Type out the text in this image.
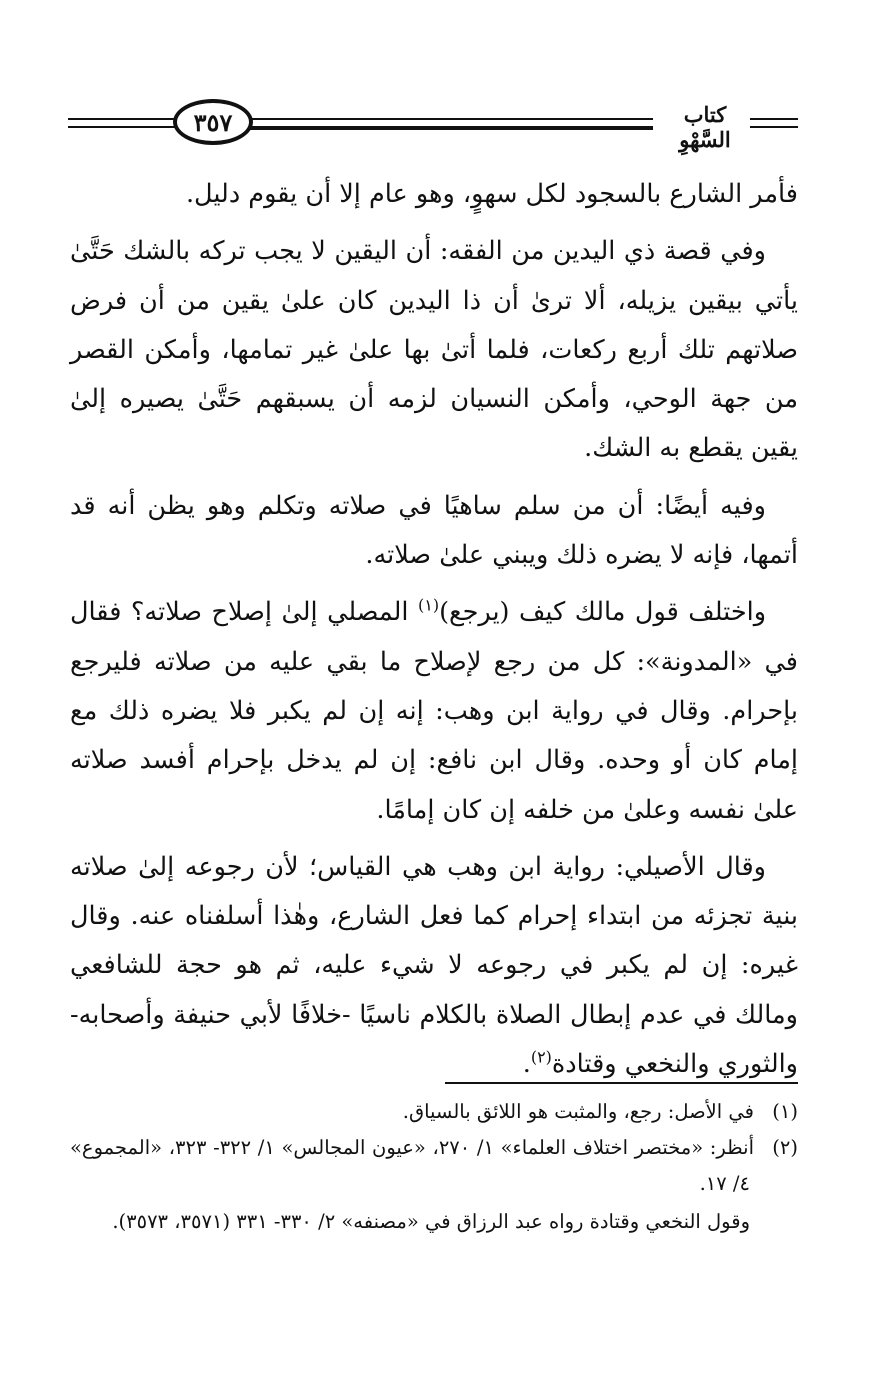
٣٥٧	كتاب السَّهْوِ

فأمر الشارع بالسجود لكل سهوٍ، وهو عام إلا أن يقوم دليل.

وفي قصة ذي اليدين من الفقه: أن اليقين لا يجب تركه بالشك حَتَّىٰ يأتي بيقين يزيله، ألا ترىٰ أن ذا اليدين كان علىٰ يقين من أن فرض صلاتهم تلك أربع ركعات، فلما أتىٰ بها علىٰ غير تمامها، وأمكن القصر من جهة الوحي، وأمكن النسيان لزمه أن يسبقهم حَتَّىٰ يصيره إلىٰ يقين يقطع به الشك.

وفيه أيضًا: أن من سلم ساهيًا في صلاته وتكلم وهو يظن أنه قد أتمها، فإنه لا يضره ذلك ويبني علىٰ صلاته.

واختلف قول مالك كيف (يرجع)$^{(١)}$ المصلي إلىٰ إصلاح صلاته؟ فقال في «المدونة»: كل من رجع لإصلاح ما بقي عليه من صلاته فليرجع بإحرام. وقال في رواية ابن وهب: إنه إن لم يكبر فلا يضره ذلك مع إمام كان أو وحده. وقال ابن نافع: إن لم يدخل بإحرام أفسد صلاته علىٰ نفسه وعلىٰ من خلفه إن كان إمامًا.

وقال الأصيلي: رواية ابن وهب هي القياس؛ لأن رجوعه إلىٰ صلاته بنية تجزئه من ابتداء إحرام كما فعل الشارع، وهٰذا أسلفناه عنه. وقال غيره: إن لم يكبر في رجوعه لا شيء عليه، ثم هو حجة للشافعي ومالك في عدم إبطال الصلاة بالكلام ناسيًا -خلافًا لأبي حنيفة وأصحابه- والثوري والنخعي وقتادة$^{(٢)}$.

(١)في الأصل: رجع، والمثبت هو اللائق بالسياق.

(٢)أنظر: «مختصر اختلاف العلماء» ١/ ٢٧٠، «عيون المجالس» ١/ ٣٢٢- ٣٢٣، «المجموع» ٤/ ١٧.

وقول النخعي وقتادة رواه عبد الرزاق في «مصنفه» ٢/ ٣٣٠- ٣٣١ (٣٥٧١، ٣٥٧٣).
